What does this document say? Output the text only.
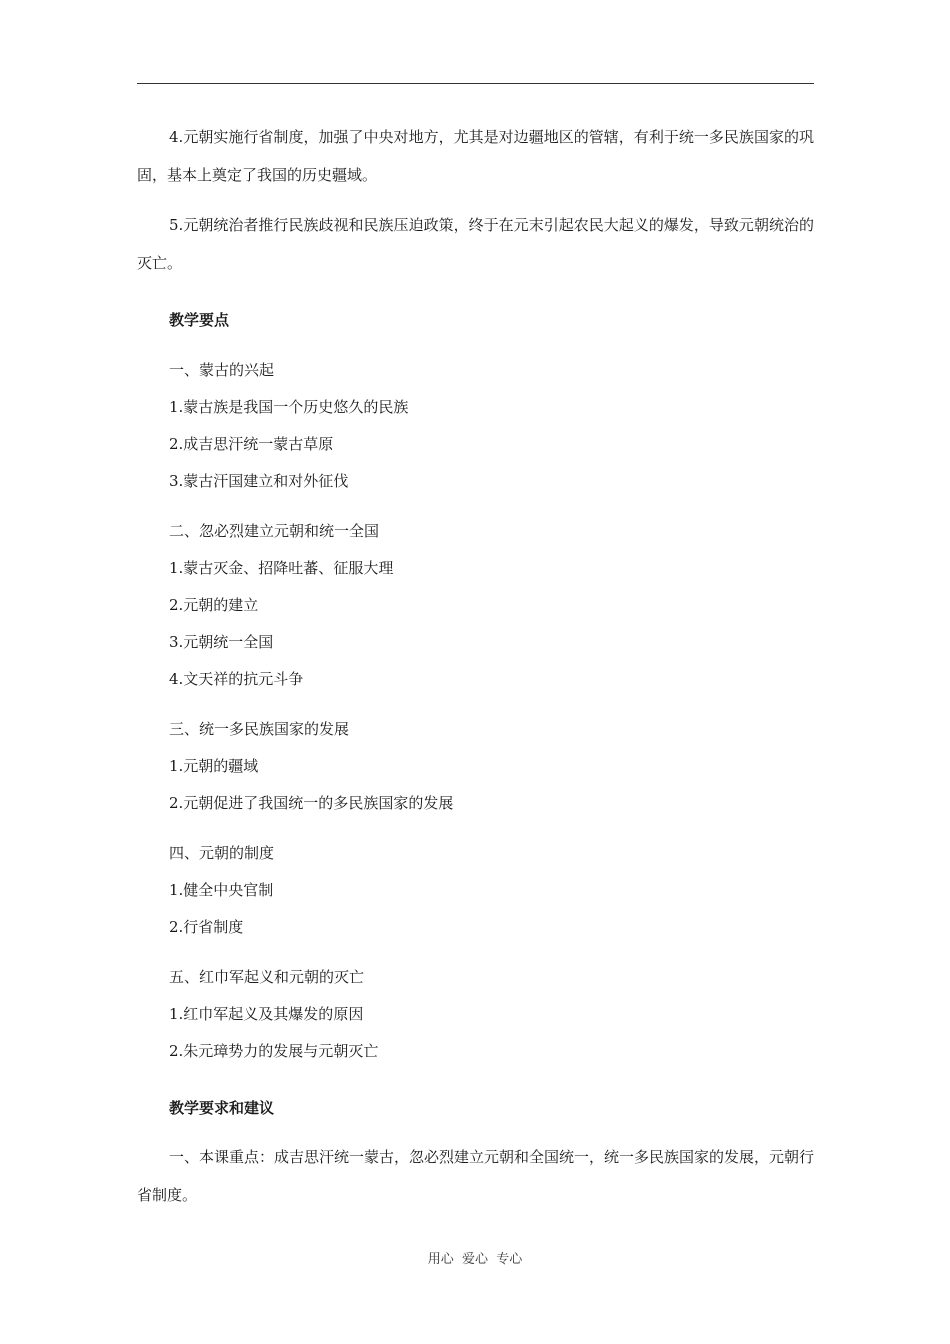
4.元朝实施行省制度，加强了中央对地方，尤其是对边疆地区的管辖，有利于统一多民族国家的巩固，基本上奠定了我国的历史疆域。

5.元朝统治者推行民族歧视和民族压迫政策，终于在元末引起农民大起义的爆发，导致元朝统治的灭亡。

教学要点

一、蒙古的兴起

1.蒙古族是我国一个历史悠久的民族

2.成吉思汗统一蒙古草原

3.蒙古汗国建立和对外征伐

二、忽必烈建立元朝和统一全国

1.蒙古灭金、招降吐蕃、征服大理

2.元朝的建立

3.元朝统一全国

4.文天祥的抗元斗争

三、统一多民族国家的发展

1.元朝的疆域

2.元朝促进了我国统一的多民族国家的发展

四、元朝的制度

1.健全中央官制

2.行省制度

五、红巾军起义和元朝的灭亡

1.红巾军起义及其爆发的原因

2.朱元璋势力的发展与元朝灭亡

教学要求和建议

一、本课重点：成吉思汗统一蒙古，忽必烈建立元朝和全国统一，统一多民族国家的发展，元朝行省制度。

用心  爱心  专心
